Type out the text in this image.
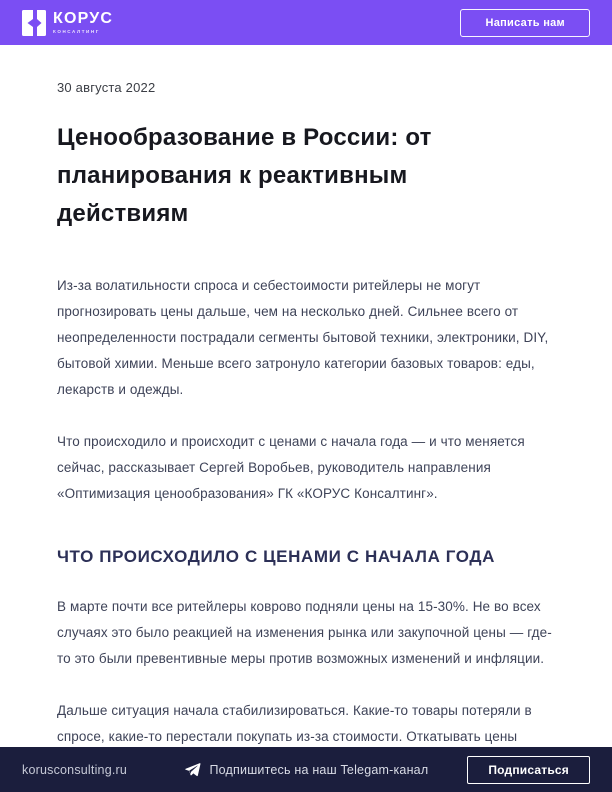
КОРУС
КОНСАЛТИНГ
Написать нам
30 августа 2022
Ценообразование в России: от планирования к реактивным действиям

Из-за волатильности спроса и себестоимости ритейлеры не могут прогнозировать цены дальше, чем на несколько дней. Сильнее всего от неопределенности пострадали сегменты бытовой техники, электроники, DIY, бытовой химии. Меньше всего затронуло категории базовых товаров: еды, лекарств и одежды.

Что происходило и происходит с ценами с начала года — и что меняется сейчас, рассказывает Сергей Воробьев, руководитель направления «Оптимизация ценообразования» ГК «КОРУС Консалтинг».

ЧТО ПРОИСХОДИЛО С ЦЕНАМИ С НАЧАЛА ГОДА

В марте почти все ритейлеры коврово подняли цены на 15-30%. Не во всех случаях это было реакцией на изменения рынка или закупочной цены — где-то это были превентивные меры против возможных изменений и инфляции.

Дальше ситуация начала стабилизироваться. Какие-то товары потеряли в спросе, какие-то перестали покупать из-за стоимости. Откатывать цены

korusconsulting.ru	Подпишитесь на наш Telegam-канал	Подписаться
